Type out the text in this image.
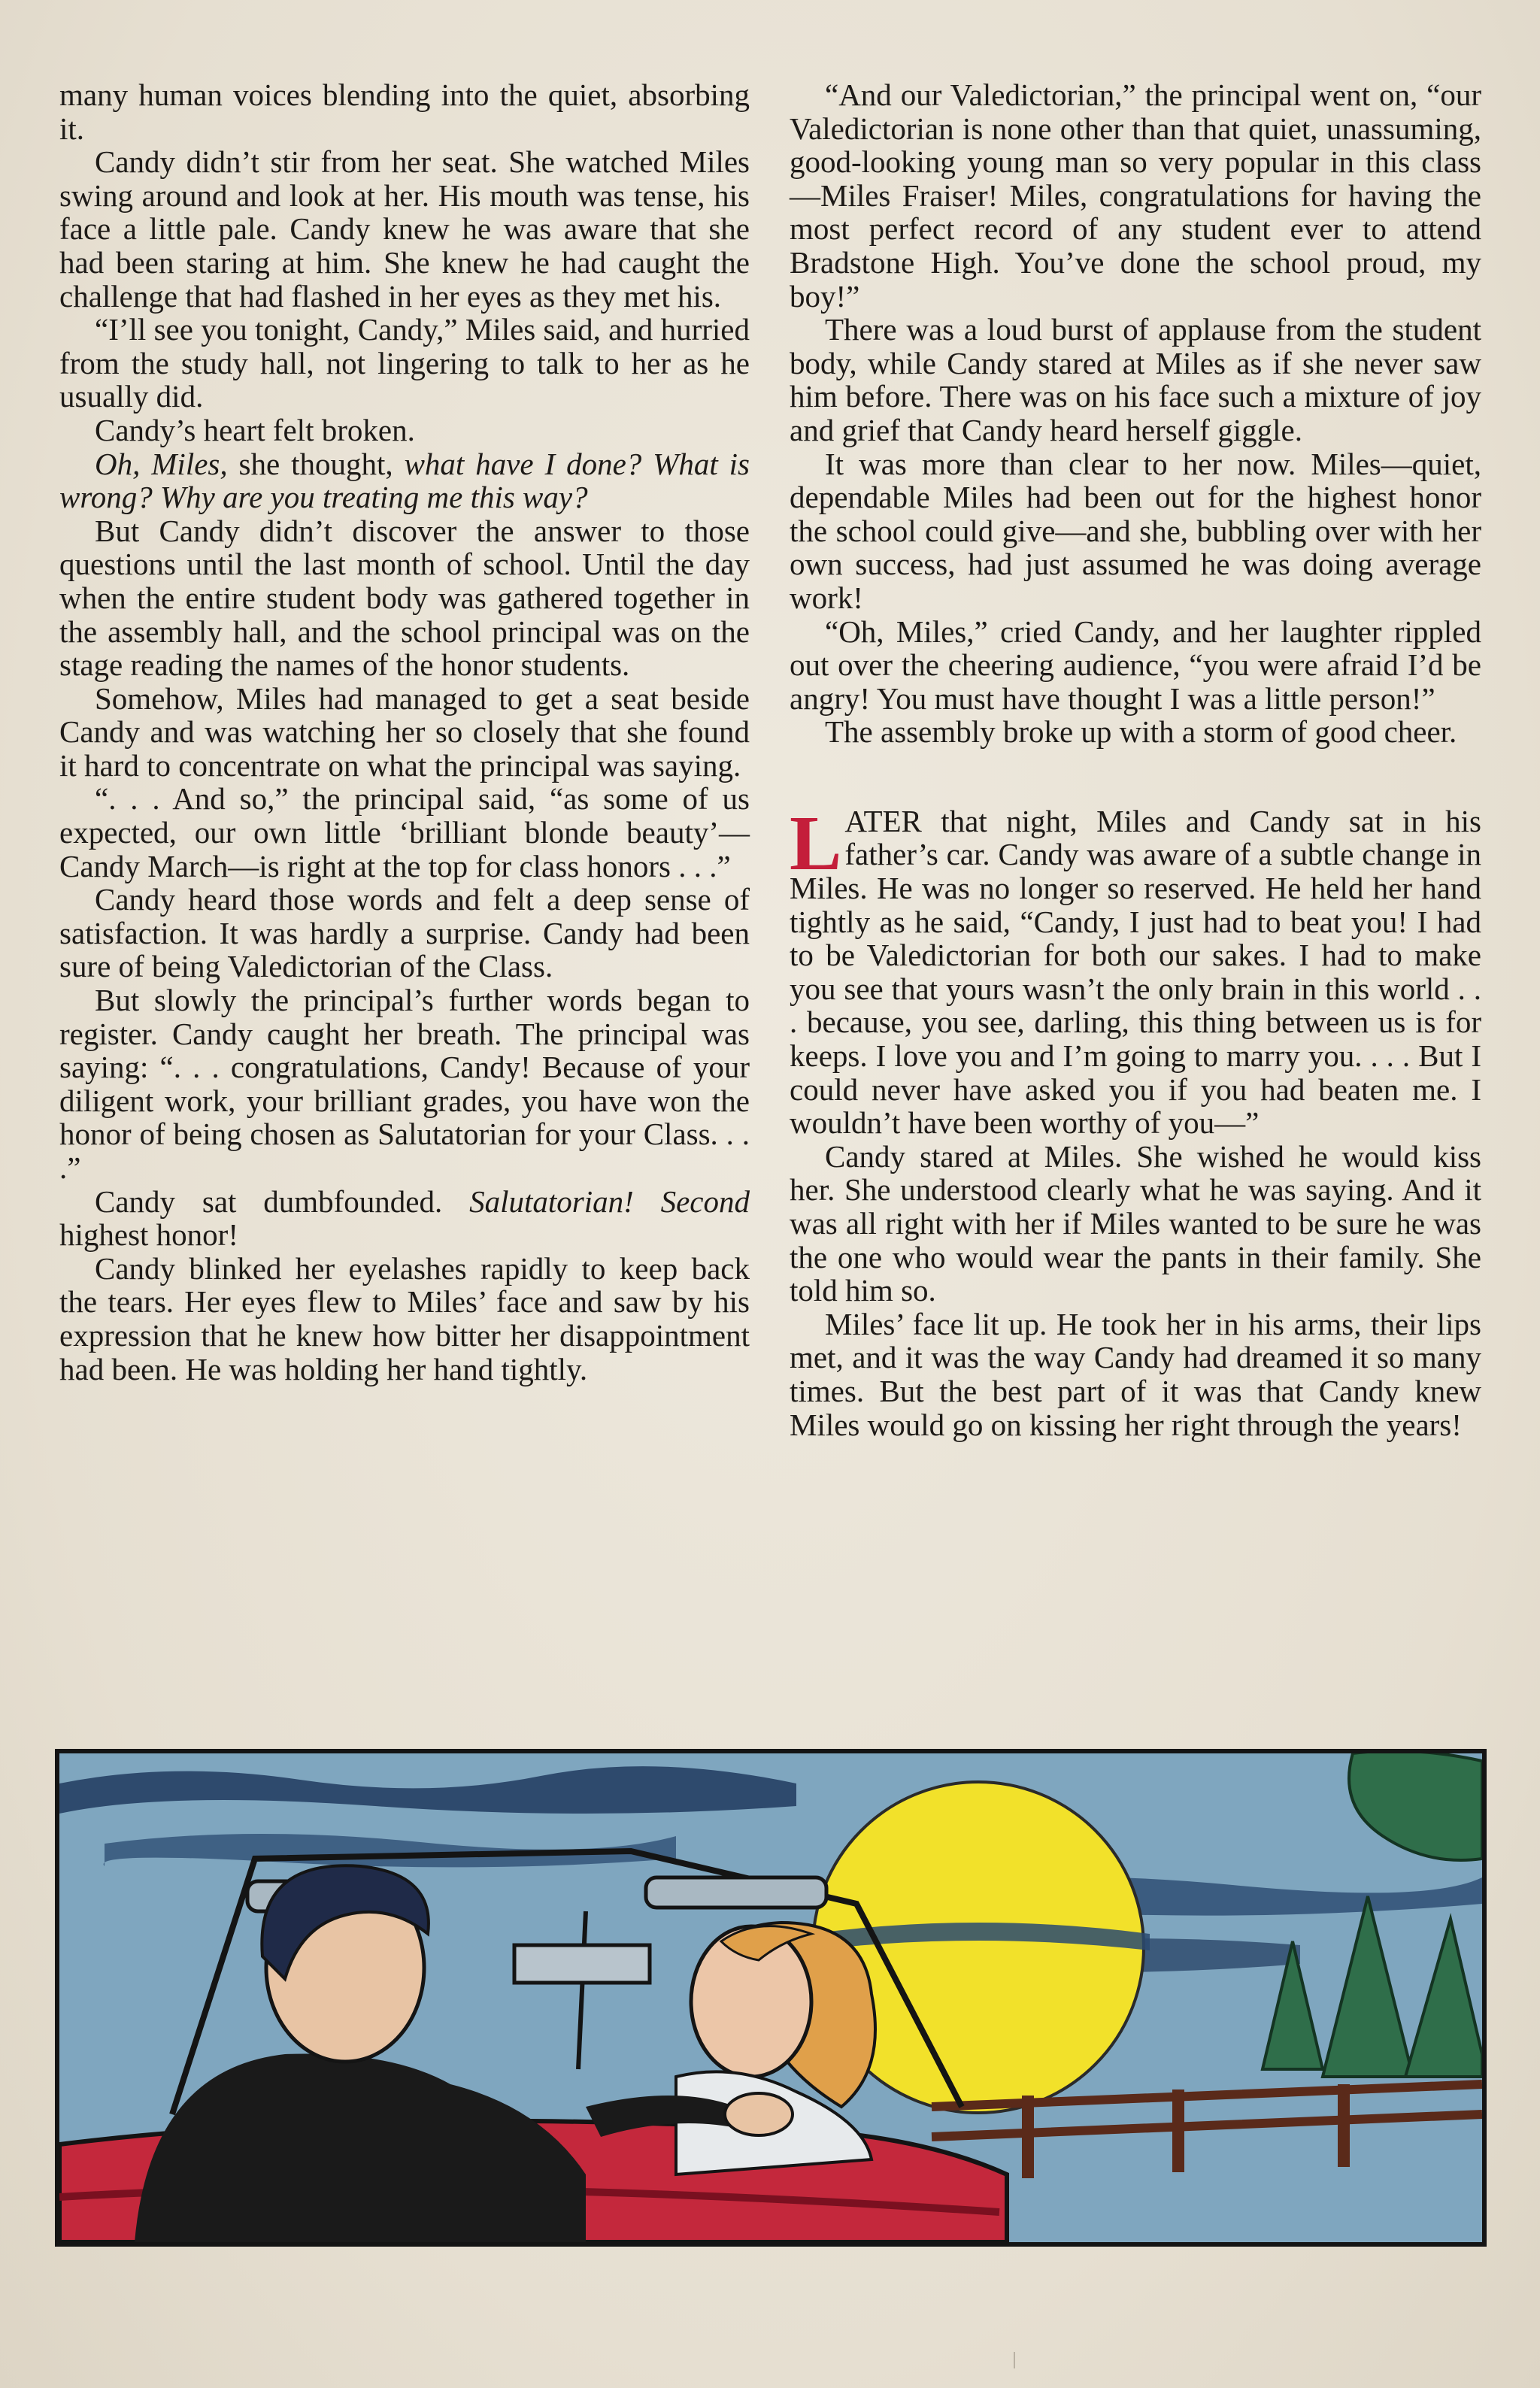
many human voices blending into the quiet, absorbing it.

Candy didn’t stir from her seat. She watched Miles swing around and look at her. His mouth was tense, his face a little pale. Candy knew he was aware that she had been staring at him. She knew he had caught the challenge that had flashed in her eyes as they met his.

“I’ll see you tonight, Candy,” Miles said, and hurried from the study hall, not lingering to talk to her as he usually did.

Candy’s heart felt broken.

Oh, Miles, she thought, what have I done? What is wrong? Why are you treating me this way?

But Candy didn’t discover the answer to those questions until the last month of school. Until the day when the entire student body was gathered together in the assembly hall, and the school principal was on the stage reading the names of the honor students.

Somehow, Miles had managed to get a seat beside Candy and was watching her so closely that she found it hard to concentrate on what the principal was saying.

“. . . And so,” the principal said, “as some of us expected, our own little ‘brilliant blonde beauty’—Candy March—is right at the top for class honors . . .”

Candy heard those words and felt a deep sense of satisfaction. It was hardly a surprise. Candy had been sure of being Valedictorian of the Class.

But slowly the principal’s further words began to register. Candy caught her breath. The principal was saying: “. . . congratulations, Candy! Because of your diligent work, your brilliant grades, you have won the honor of being chosen as Salutatorian for your Class. . . .”

Candy sat dumbfounded. Salutatorian! Second highest honor!

Candy blinked her eyelashes rapidly to keep back the tears. Her eyes flew to Miles’ face and saw by his expression that he knew how bitter her disappointment had been. He was holding her hand tightly.

“And our Valedictorian,” the principal went on, “our Valedictorian is none other than that quiet, unassuming, good-looking young man so very popular in this class—Miles Fraiser! Miles, congratulations for having the most perfect record of any student ever to attend Bradstone High. You’ve done the school proud, my boy!”

There was a loud burst of applause from the student body, while Candy stared at Miles as if she never saw him before. There was on his face such a mixture of joy and grief that Candy heard herself giggle.

It was more than clear to her now. Miles—quiet, dependable Miles had been out for the highest honor the school could give—and she, bubbling over with her own success, had just assumed he was doing average work!

“Oh, Miles,” cried Candy, and her laughter rippled out over the cheering audience, “you were afraid I’d be angry! You must have thought I was a little person!”

The assembly broke up with a storm of good cheer.

LATER that night, Miles and Candy sat in his father’s car. Candy was aware of a subtle change in Miles. He was no longer so reserved. He held her hand tightly as he said, “Candy, I just had to beat you! I had to be Valedictorian for both our sakes. I had to make you see that yours wasn’t the only brain in this world . . . because, you see, darling, this thing between us is for keeps. I love you and I’m going to marry you. . . . But I could never have asked you if you had beaten me. I wouldn’t have been worthy of you—”

Candy stared at Miles. She wished he would kiss her. She understood clearly what he was saying. And it was all right with her if Miles wanted to be sure he was the one who would wear the pants in their family. She told him so.

Miles’ face lit up. He took her in his arms, their lips met, and it was the way Candy had dreamed it so many times. But the best part of it was that Candy knew Miles would go on kissing her right through the years!
